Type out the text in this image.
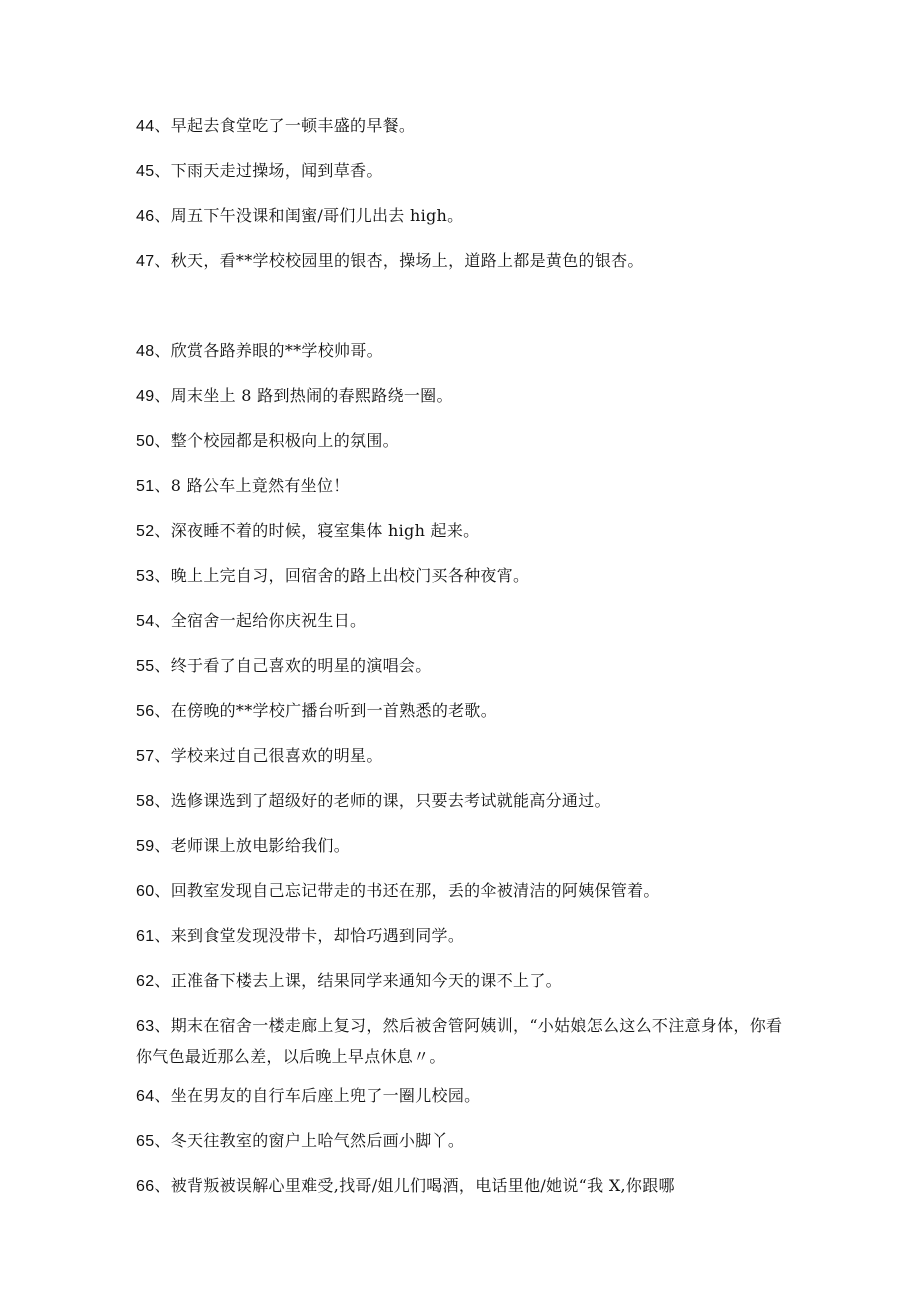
44、早起去食堂吃了一顿丰盛的早餐。

45、下雨天走过操场，闻到草香。

46、周五下午没课和闺蜜/哥们儿出去 high。

47、秋天，看**学校校园里的银杏，操场上，道路上都是黄色的银杏。

48、欣赏各路养眼的**学校帅哥。

49、周末坐上 8 路到热闹的春熙路绕一圈。

50、整个校园都是积极向上的氛围。

51、8 路公车上竟然有坐位！

52、深夜睡不着的时候，寝室集体 high 起来。

53、晚上上完自习，回宿舍的路上出校门买各种夜宵。

54、全宿舍一起给你庆祝生日。

55、终于看了自己喜欢的明星的演唱会。

56、在傍晚的**学校广播台听到一首熟悉的老歌。

57、学校来过自己很喜欢的明星。

58、选修课选到了超级好的老师的课，只要去考试就能高分通过。

59、老师课上放电影给我们。

60、回教室发现自己忘记带走的书还在那，丢的伞被清洁的阿姨保管着。

61、来到食堂发现没带卡，却恰巧遇到同学。

62、正准备下楼去上课，结果同学来通知今天的课不上了。

63、期末在宿舍一楼走廊上复习，然后被舍管阿姨训，“小姑娘怎么这么不注意身体，你看你气色最近那么差，以后晚上早点休息〃。

64、坐在男友的自行车后座上兜了一圈儿校园。

65、冬天往教室的窗户上哈气然后画小脚丫。

66、被背叛被误解心里难受,找哥/姐儿们喝酒，电话里他/她说“我 X,你跟哪
